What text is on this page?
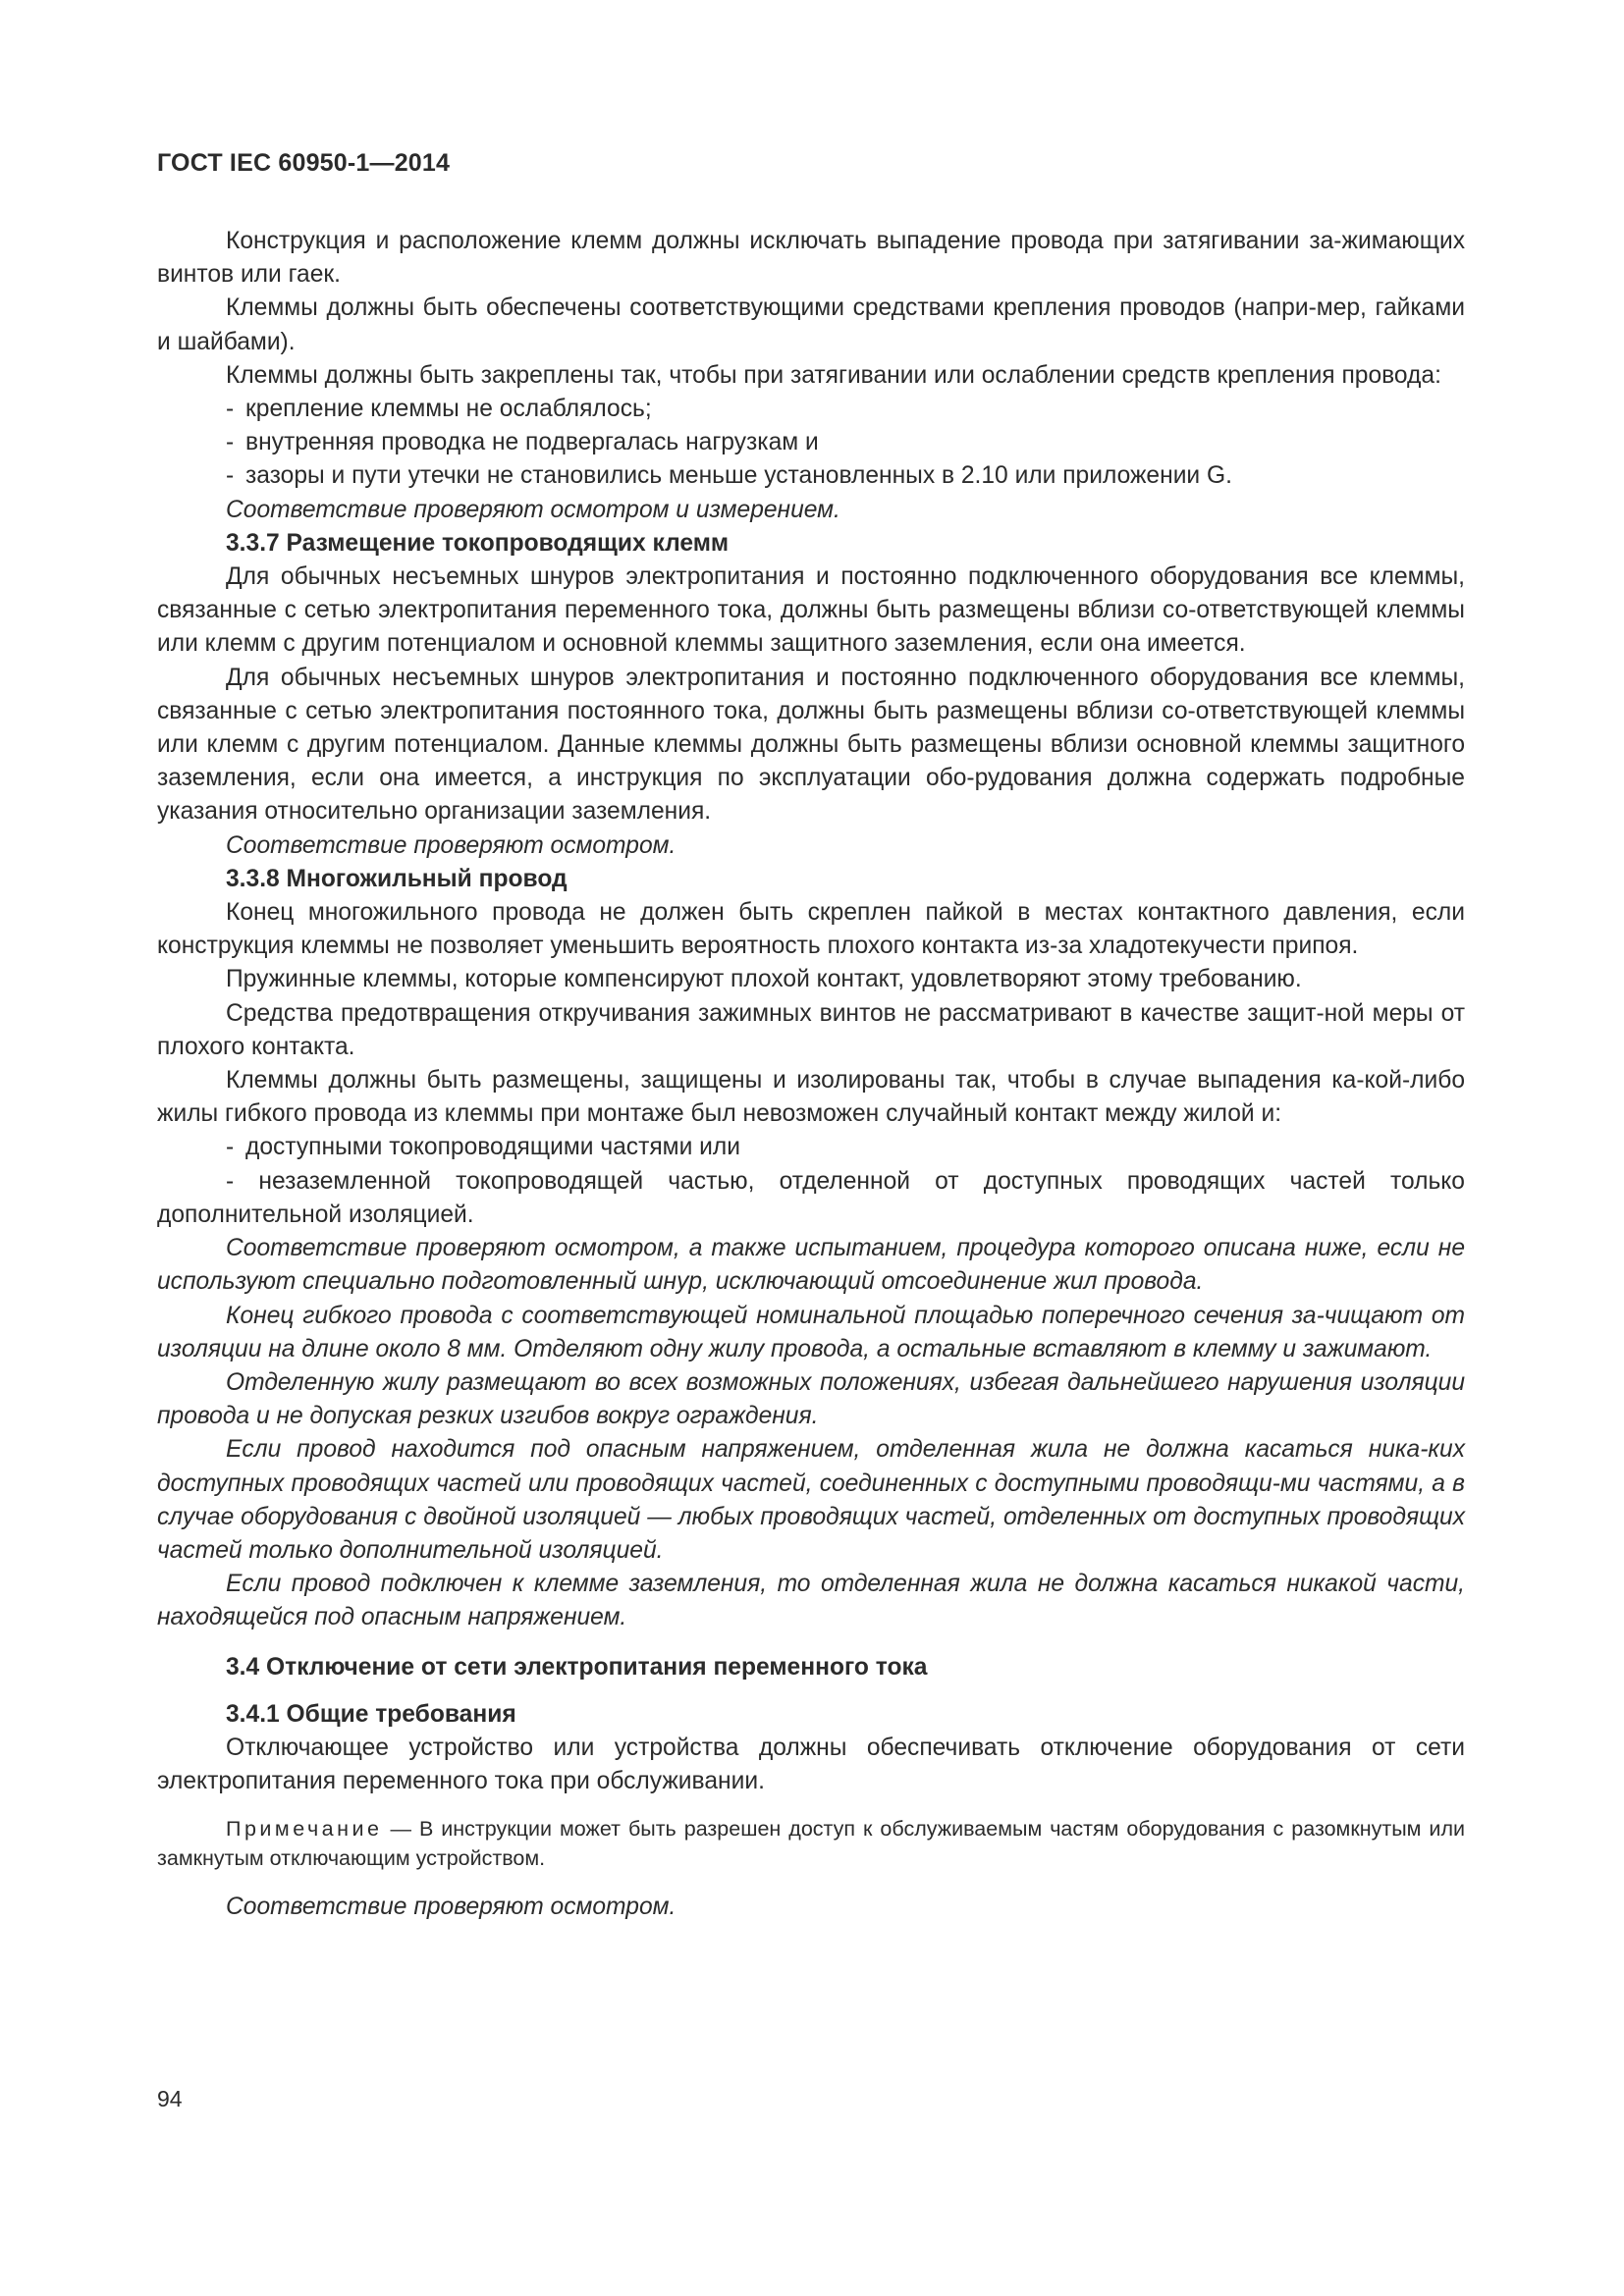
ГОСТ IEC 60950-1—2014

Конструкция и расположение клемм должны исключать выпадение провода при затягивании за-жимающих винтов или гаек.

Клеммы должны быть обеспечены соответствующими средствами крепления проводов (напри-мер, гайками и шайбами).

Клеммы должны быть закреплены так, чтобы при затягивании или ослаблении средств крепления провода:

- крепление клеммы не ослаблялось;

- внутренняя проводка не подвергалась нагрузкам и

- зазоры и пути утечки не становились меньше установленных в 2.10 или приложении G.

Соответствие проверяют осмотром и измерением.

3.3.7 Размещение токопроводящих клемм

Для обычных несъемных шнуров электропитания и постоянно подключенного оборудования все клеммы, связанные с сетью электропитания переменного тока, должны быть размещены вблизи со-ответствующей клеммы или клемм с другим потенциалом и основной клеммы защитного заземления, если она имеется.

Для обычных несъемных шнуров электропитания и постоянно подключенного оборудования все клеммы, связанные с сетью электропитания постоянного тока, должны быть размещены вблизи со-ответствующей клеммы или клемм с другим потенциалом. Данные клеммы должны быть размещены вблизи основной клеммы защитного заземления, если она имеется, а инструкция по эксплуатации обо-рудования должна содержать подробные указания относительно организации заземления.

Соответствие проверяют осмотром.

3.3.8 Многожильный провод

Конец многожильного провода не должен быть скреплен пайкой в местах контактного давления, если конструкция клеммы не позволяет уменьшить вероятность плохого контакта из-за хладотекучести припоя.

Пружинные клеммы, которые компенсируют плохой контакт, удовлетворяют этому требованию.

Средства предотвращения откручивания зажимных винтов не рассматривают в качестве защит-ной меры от плохого контакта.

Клеммы должны быть размещены, защищены и изолированы так, чтобы в случае выпадения ка-кой-либо жилы гибкого провода из клеммы при монтаже был невозможен случайный контакт между жилой и:

- доступными токопроводящими частями или

- незаземленной токопроводящей частью, отделенной от доступных проводящих частей только дополнительной изоляцией.

Соответствие проверяют осмотром, а также испытанием, процедура которого описана ниже, если не используют специально подготовленный шнур, исключающий отсоединение жил провода.

Конец гибкого провода с соответствующей номинальной площадью поперечного сечения за-чищают от изоляции на длине около 8 мм. Отделяют одну жилу провода, а остальные вставляют в клемму и зажимают.

Отделенную жилу размещают во всех возможных положениях, избегая дальнейшего нарушения изоляции провода и не допуская резких изгибов вокруг ограждения.

Если провод находится под опасным напряжением, отделенная жила не должна касаться ника-ких доступных проводящих частей или проводящих частей, соединенных с доступными проводящи-ми частями, а в случае оборудования с двойной изоляцией — любых проводящих частей, отделенных от доступных проводящих частей только дополнительной изоляцией.

Если провод подключен к клемме заземления, то отделенная жила не должна касаться никакой части, находящейся под опасным напряжением.

3.4 Отключение от сети электропитания переменного тока

3.4.1 Общие требования

Отключающее устройство или устройства должны обеспечивать отключение оборудования от сети электропитания переменного тока при обслуживании.

Примечание — В инструкции может быть разрешен доступ к обслуживаемым частям оборудования с разомкнутым или замкнутым отключающим устройством.

Соответствие проверяют осмотром.

94
